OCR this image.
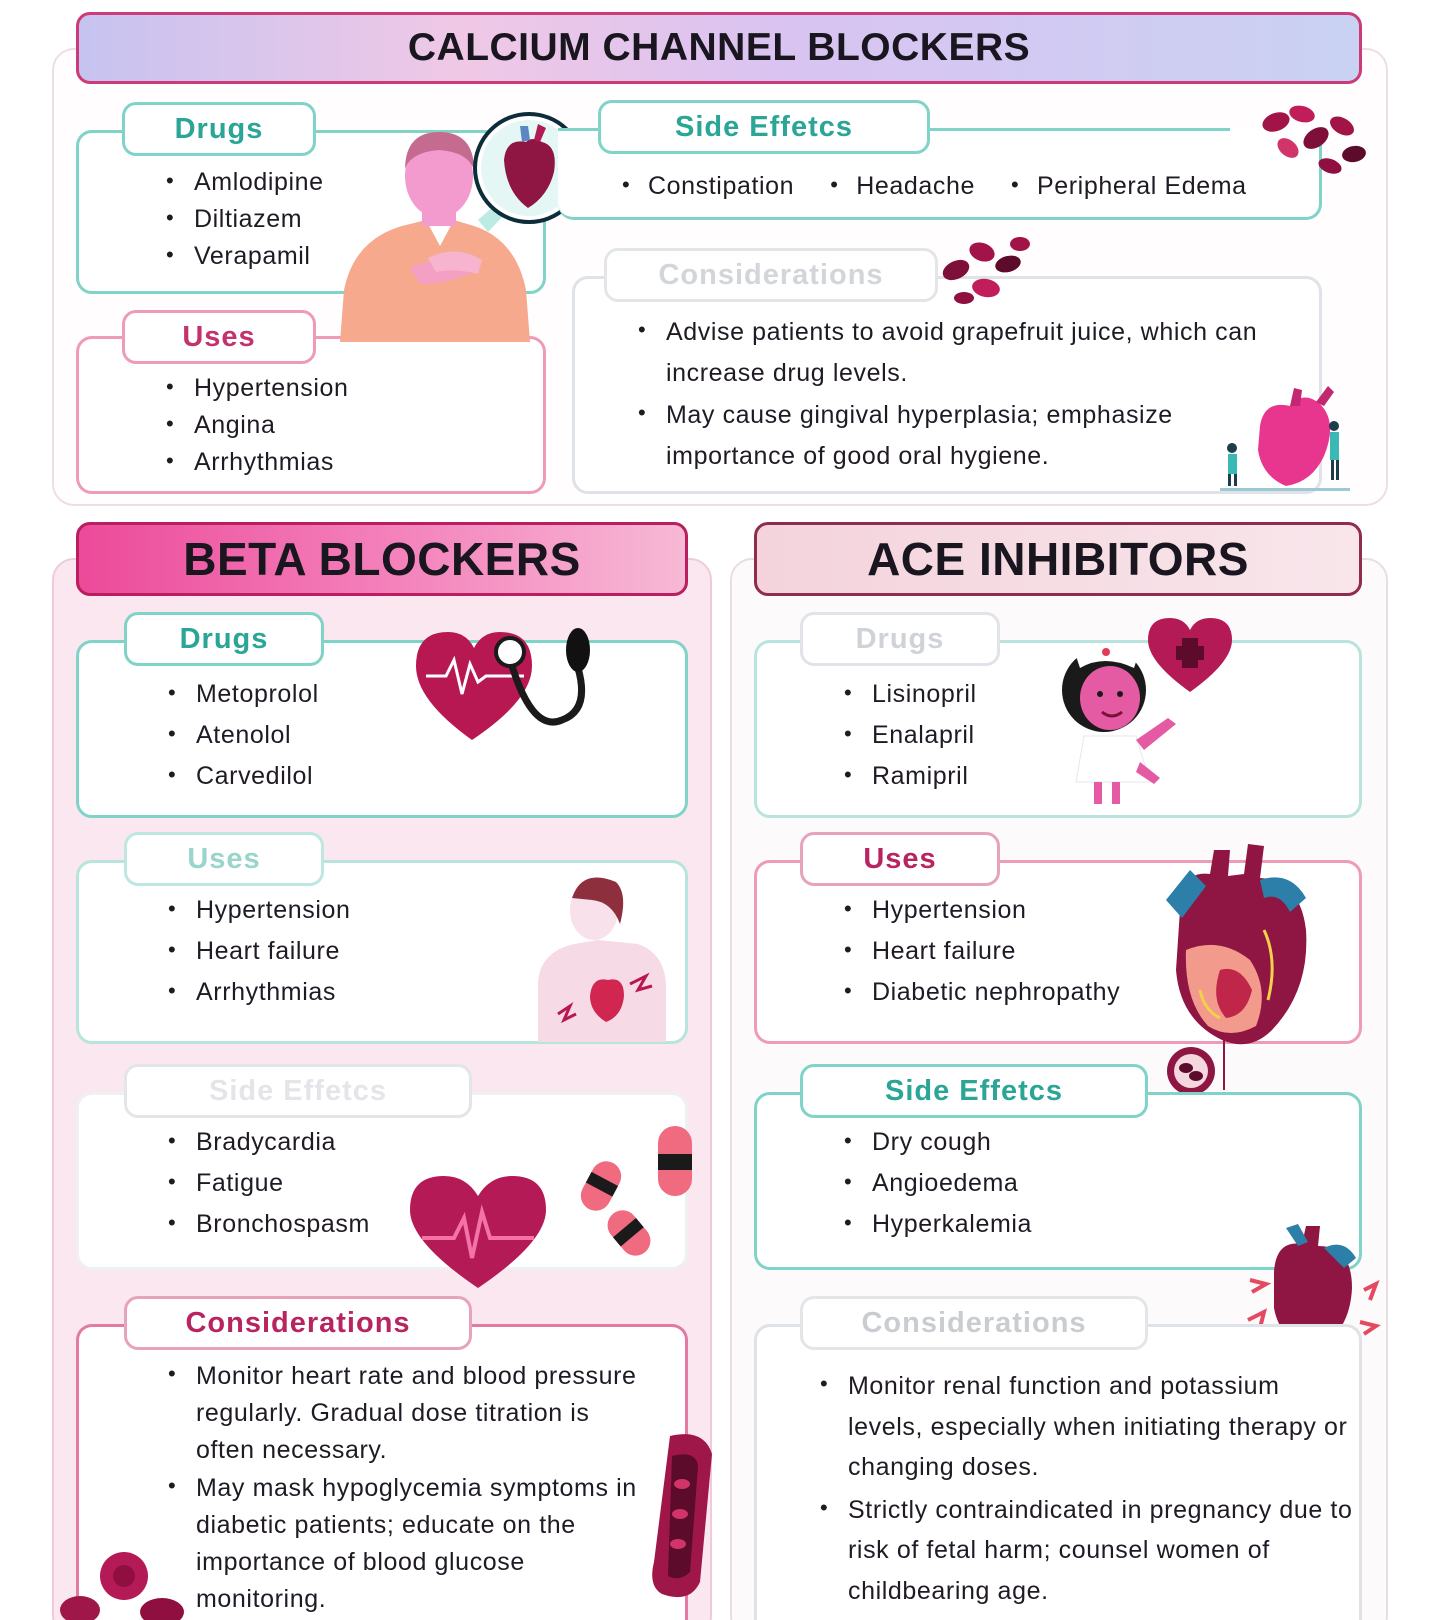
CALCIUM CHANNEL BLOCKERS
Drugs
• Amlodipine
• Diltiazem
• Verapamil
Uses
• Hypertension
• Angina
• Arrhythmias
Side Effetcs
• Constipation	• Headache	• Peripheral Edema
Considerations
• Advise patients to avoid grapefruit juice, which can increase drug levels.
• May cause gingival hyperplasia; emphasize importance of good oral hygiene.
BETA BLOCKERS
Drugs
• Metoprolol
• Atenolol
• Carvedilol
Uses
• Hypertension
• Heart failure
• Arrhythmias
Side Effetcs
• Bradycardia
• Fatigue
• Bronchospasm
Considerations
• Monitor heart rate and blood pressure regularly. Gradual dose titration is often necessary.
• May mask hypoglycemia symptoms in diabetic patients; educate on the importance of blood glucose monitoring.
ACE INHIBITORS
Drugs
• Lisinopril
• Enalapril
• Ramipril
Uses
• Hypertension
• Heart failure
• Diabetic nephropathy
Side Effetcs
• Dry cough
• Angioedema
• Hyperkalemia
Considerations
• Monitor renal function and potassium levels, especially when initiating therapy or changing doses.
• Strictly contraindicated in pregnancy due to risk of fetal harm; counsel women of childbearing age.
